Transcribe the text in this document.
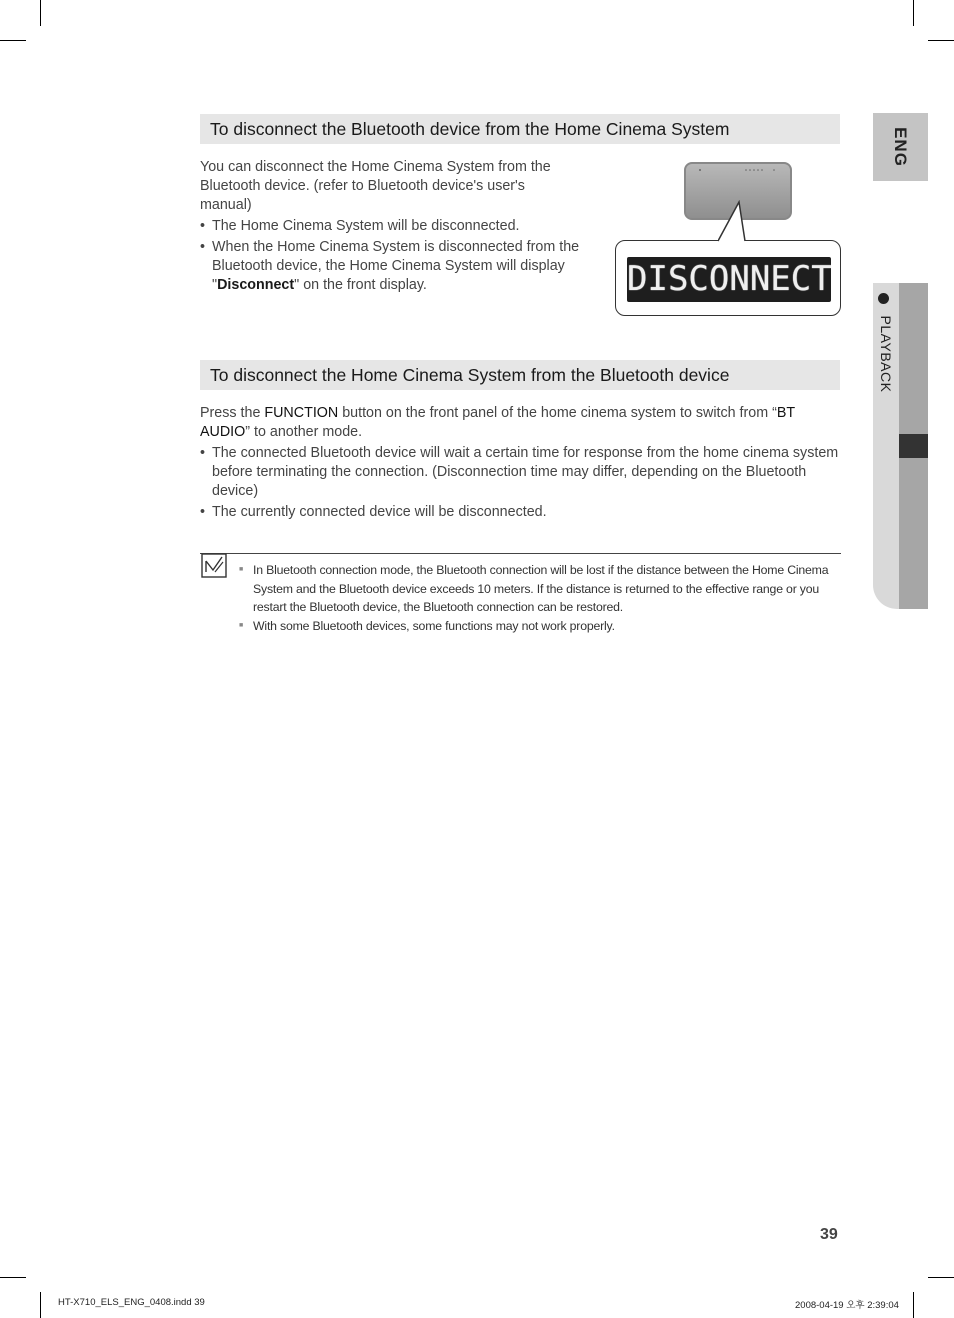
ENG
PLAYBACK
To disconnect the Bluetooth device from the Home Cinema System
You can disconnect the Home Cinema System from the Bluetooth device. (refer to Bluetooth device's user's manual)
• The Home Cinema System will be disconnected.
• When the Home Cinema System is disconnected from the Bluetooth device, the Home Cinema System will display "Disconnect" on the front display.	DISCONNECT
To disconnect the Home Cinema System from the Bluetooth device
Press the FUNCTION button on the front panel of the home cinema system to switch from “BT AUDIO” to another mode.
• The connected Bluetooth device will wait a certain time for response from the home cinema system before terminating the connection. (Disconnection time may differ, depending on the Bluetooth device)
• The currently connected device will be disconnected.
■ In Bluetooth connection mode, the Bluetooth connection will be lost if the distance between the Home Cinema System and the Bluetooth device exceeds 10 meters. If the distance is returned to the effective range or you restart the Bluetooth device, the Bluetooth connection can be restored.
■ With some Bluetooth devices, some functions may not work properly.
39
HT-X710_ELS_ENG_0408.indd 39	2008-04-19 오후 2:39:04
